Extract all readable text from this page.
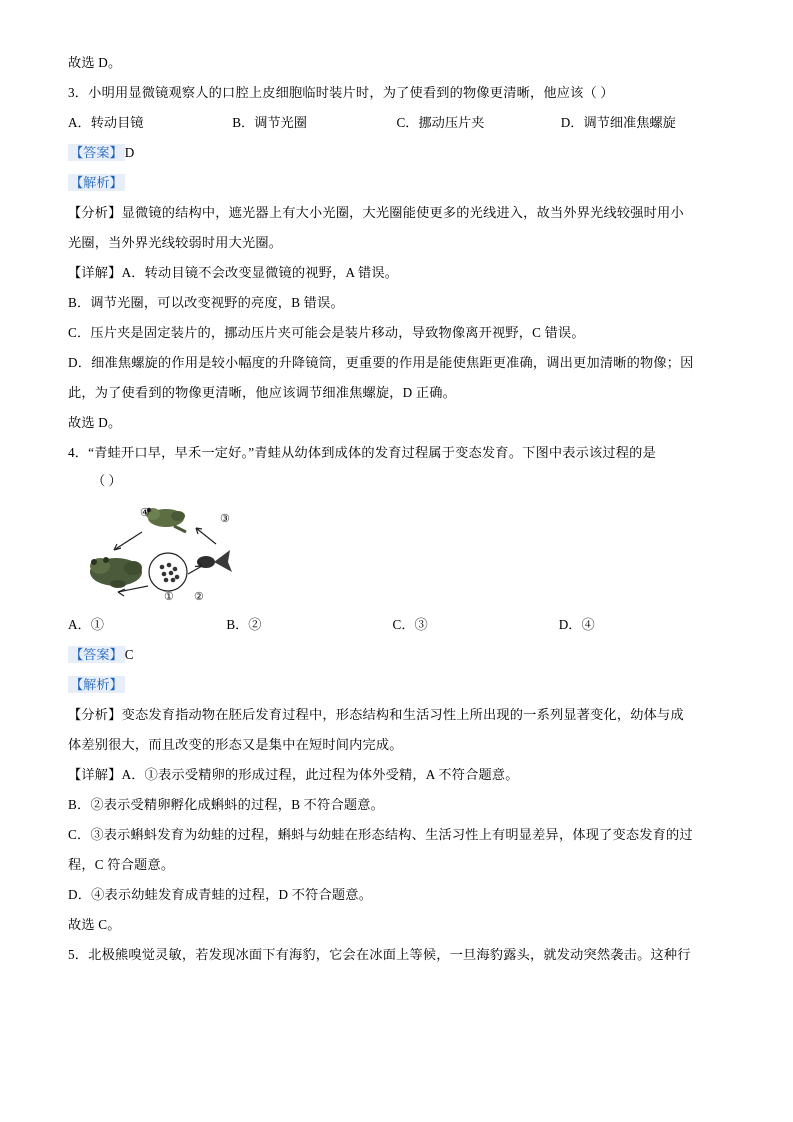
故选 D。
3．小明用显微镜观察人的口腔上皮细胞临时装片时，为了使看到的物像更清晰，他应该（ ）
A．转动目镜	B．调节光圈	C．挪动压片夹	D．调节细准焦螺旋
【答案】 D
【解析】
【分析】显微镜的结构中，遮光器上有大小光圈，大光圈能使更多的光线进入，故当外界光线较强时用小
光圈，当外界光线较弱时用大光圈。
【详解】A．转动目镜不会改变显微镜的视野，A 错误。
B．调节光圈，可以改变视野的亮度，B 错误。
C．压片夹是固定装片的，挪动压片夹可能会是装片移动，导致物像离开视野，C 错误。
D．细准焦螺旋的作用是较小幅度的升降镜筒，更重要的作用是能使焦距更准确，调出更加清晰的物像；因
此，为了使看到的物像更清晰，他应该调节细准焦螺旋，D 正确。
故选 D。
4．“青蛙开口早，早禾一定好。”青蛙从幼体到成体的发育过程属于变态发育。下图中表示该过程的是
（ ）
① ②
③
④
A．①	B．②	C．③	D．④
【答案】 C
【解析】
【分析】变态发育指动物在胚后发育过程中，形态结构和生活习性上所出现的一系列显著变化，幼体与成
体差别很大，而且改变的形态又是集中在短时间内完成。
【详解】A．①表示受精卵的形成过程，此过程为体外受精，A 不符合题意。
B．②表示受精卵孵化成蝌蚪的过程，B 不符合题意。
C．③表示蝌蚪发育为幼蛙的过程，蝌蚪与幼蛙在形态结构、生活习性上有明显差异，体现了变态发育的过
程，C 符合题意。
D．④表示幼蛙发育成青蛙的过程，D 不符合题意。
故选 C。
5．北极熊嗅觉灵敏，若发现冰面下有海豹，它会在冰面上等候，一旦海豹露头，就发动突然袭击。这种行
